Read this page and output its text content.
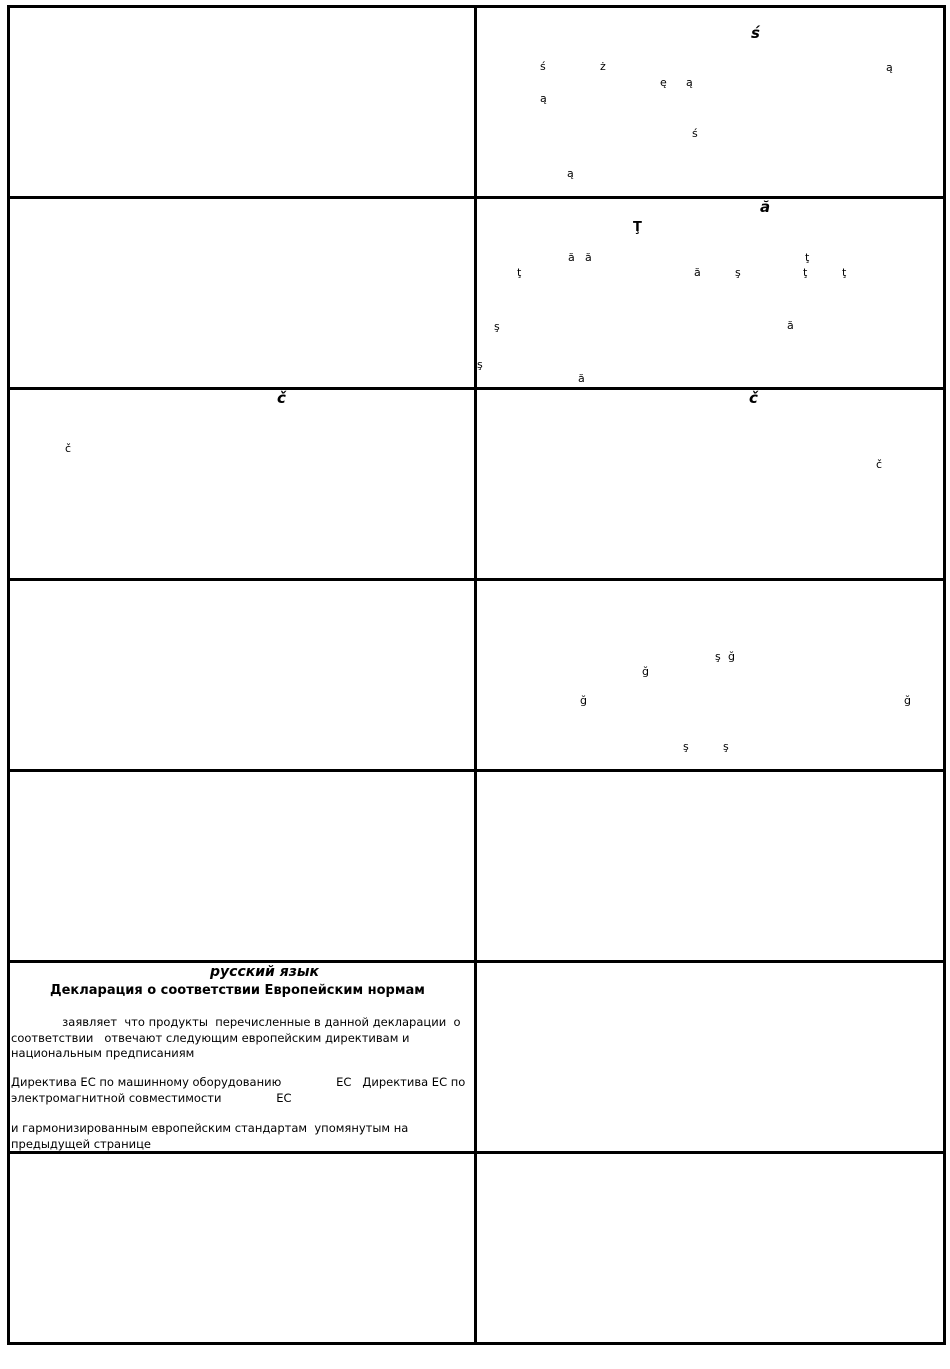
ś
ś	ż
ę ą
ą
ą
ś
ą
ă
Ţ
ă ă	ţ
ţ	ă	ş	ţ	ţ
ş	ă
ş
ă
č
č
č
č
ş ğ
ğ
ğ	ğ
ş	ş
русский язык
Декларация о соответствии Европейским нормам
заявляет  что продукты  перечисленные в данной декларации  о
соответствии   отвечают следующим европейским директивам и
национальным предписаниям
Директива ЕС по машинному оборудованию               ЕС   Директива ЕС по
электромагнитной совместимости               ЕС
и гармонизированным европейским стандартам  упомянутым на
предыдущей странице
